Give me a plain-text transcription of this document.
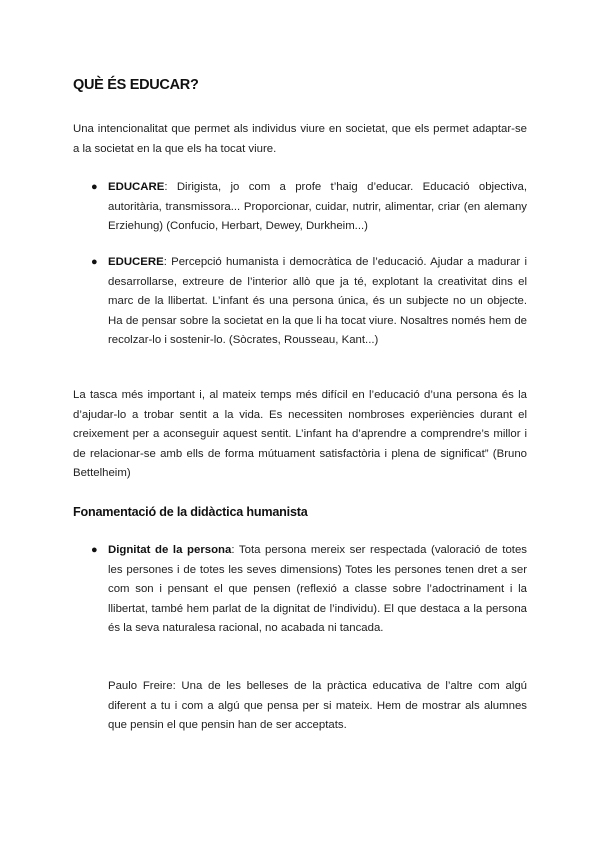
QUÈ ÉS EDUCAR?

Una intencionalitat que permet als individus viure en societat, que els permet adaptar-se a la societat en la que els ha tocat viure.

● EDUCARE: Dirigista, jo com a profe t’haig d’educar. Educació objectiva, autoritària, transmissora... Proporcionar, cuidar, nutrir, alimentar, criar (en alemany Erziehung) (Confucio, Herbart, Dewey, Durkheim...)

● EDUCERE: Percepció humanista i democràtica de l’educació. Ajudar a madurar i desarrollarse, extreure de l’interior allò que ja té, explotant la creativitat dins el marc de la llibertat. L’infant és una persona única, és un subjecte no un objecte. Ha de pensar sobre la societat en la que li ha tocat viure. Nosaltres només hem de recolzar-lo i sostenir-lo. (Sòcrates, Rousseau, Kant...)

La tasca més important i, al mateix temps més difícil en l’educació d’una persona és la d’ajudar-lo a trobar sentit a la vida. Es necessiten nombroses experiències durant el creixement per a aconseguir aquest sentit. L’infant ha d’aprendre a comprendre’s millor i de relacionar-se amb ells de forma mútuament satisfactòria i plena de significat” (Bruno Bettelheim)

Fonamentació de la didàctica humanista

● Dignitat de la persona: Tota persona mereix ser respectada (valoració de totes les persones i de totes les seves dimensions) Totes les persones tenen dret a ser com son i pensant el que pensen (reflexió a classe sobre l’adoctrinament i la llibertat, també hem parlat de la dignitat de l’individu). El que destaca a la persona és la seva naturalesa racional, no acabada ni tancada.

Paulo Freire: Una de les belleses de la pràctica educativa de l’altre com algú diferent a tu i com a algú que pensa per si mateix. Hem de mostrar als alumnes que pensin el que pensin han de ser acceptats.
